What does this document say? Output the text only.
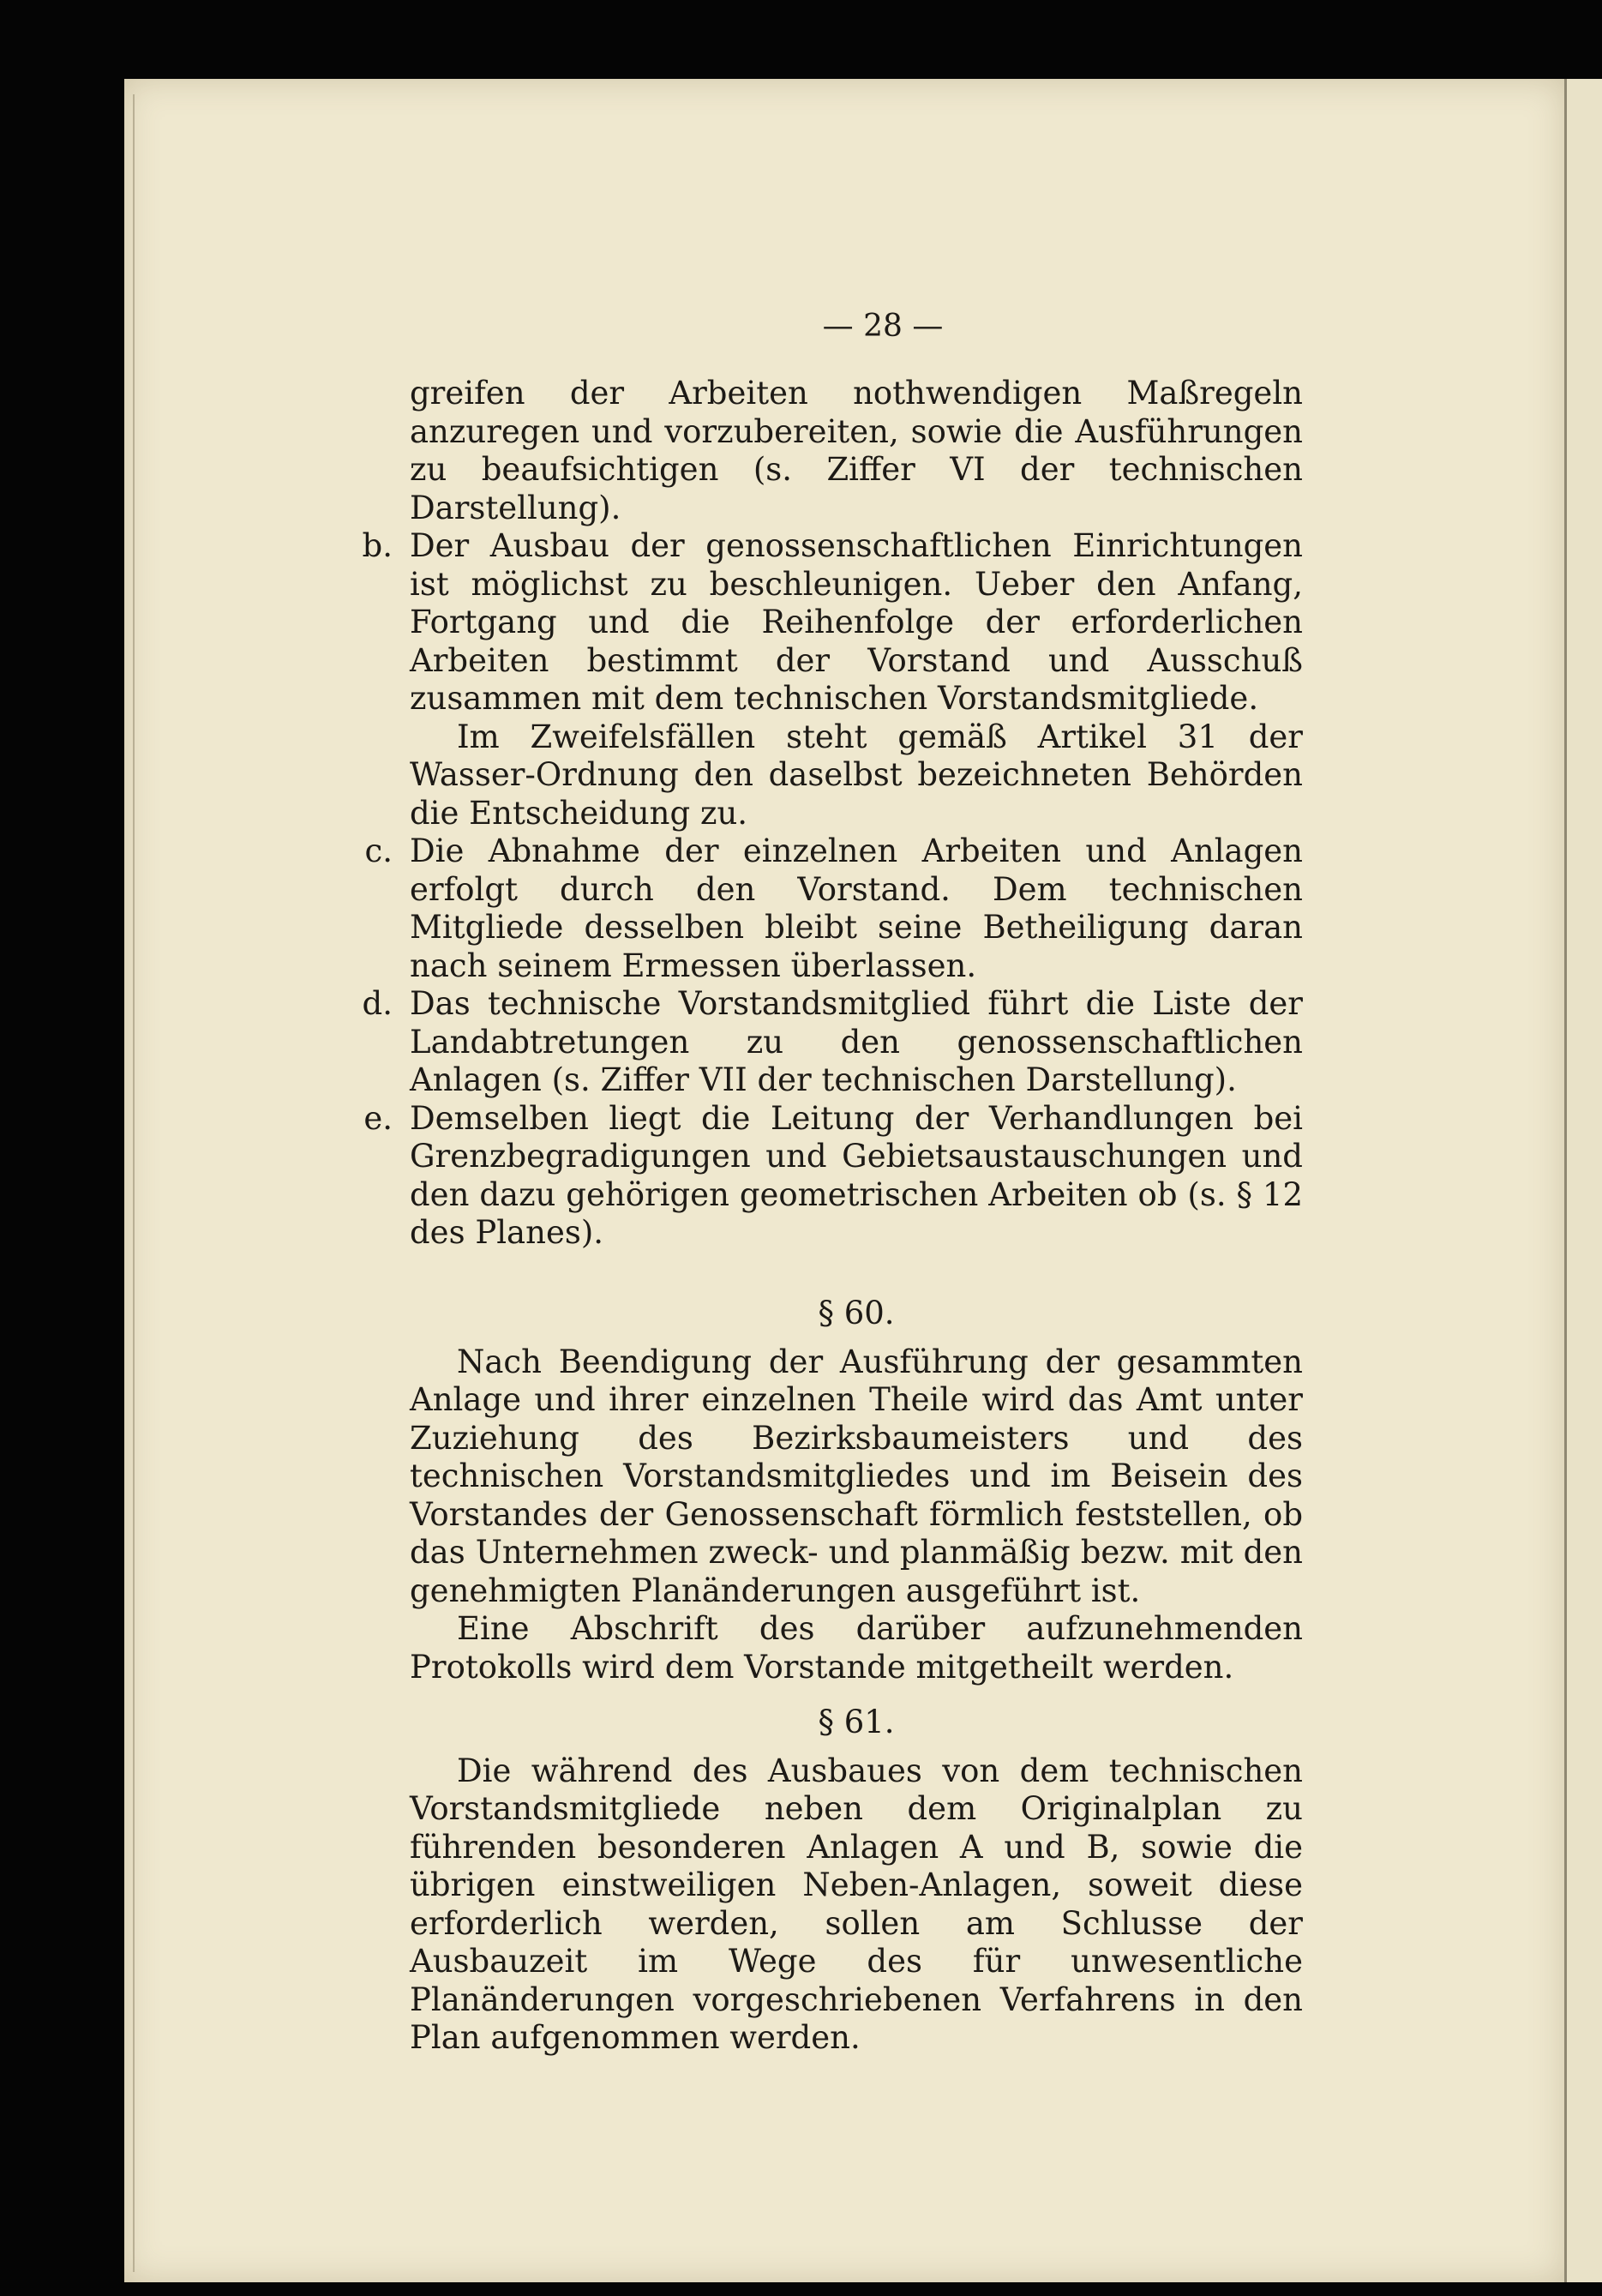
— 28 —

greifen der Arbeiten nothwendigen Maßregeln anzuregen und vorzubereiten, sowie die Ausführungen zu beaufsichtigen (s. Ziffer VI der technischen Darstellung).

b. Der Ausbau der genossenschaftlichen Einrichtungen ist möglichst zu beschleunigen. Ueber den Anfang, Fortgang und die Reihenfolge der erforderlichen Arbeiten bestimmt der Vorstand und Ausschuß zusammen mit dem technischen Vorstandsmitgliede.

Im Zweifelsfällen steht gemäß Artikel 31 der Wasser-Ordnung den daselbst bezeichneten Behörden die Entscheidung zu.

c. Die Abnahme der einzelnen Arbeiten und Anlagen erfolgt durch den Vorstand. Dem technischen Mitgliede desselben bleibt seine Betheiligung daran nach seinem Ermessen überlassen.

d. Das technische Vorstandsmitglied führt die Liste der Landabtretungen zu den genossenschaftlichen Anlagen (s. Ziffer VII der technischen Darstellung).

e. Demselben liegt die Leitung der Verhandlungen bei Grenzbegradigungen und Gebietsaustauschungen und den dazu gehörigen geometrischen Arbeiten ob (s. § 12 des Planes).

§ 60.

Nach Beendigung der Ausführung der gesammten Anlage und ihrer einzelnen Theile wird das Amt unter Zuziehung des Bezirksbaumeisters und des technischen Vorstandsmitgliedes und im Beisein des Vorstandes der Genossenschaft förmlich feststellen, ob das Unternehmen zweck- und planmäßig bezw. mit den genehmigten Planänderungen ausgeführt ist.

Eine Abschrift des darüber aufzunehmenden Protokolls wird dem Vorstande mitgetheilt werden.

§ 61.

Die während des Ausbaues von dem technischen Vorstandsmitgliede neben dem Originalplan zu führenden besonderen Anlagen A und B, sowie die übrigen einstweiligen Neben-Anlagen, soweit diese erforderlich werden, sollen am Schlusse der Ausbauzeit im Wege des für unwesentliche Planänderungen vorgeschriebenen Verfahrens in den Plan aufgenommen werden.
